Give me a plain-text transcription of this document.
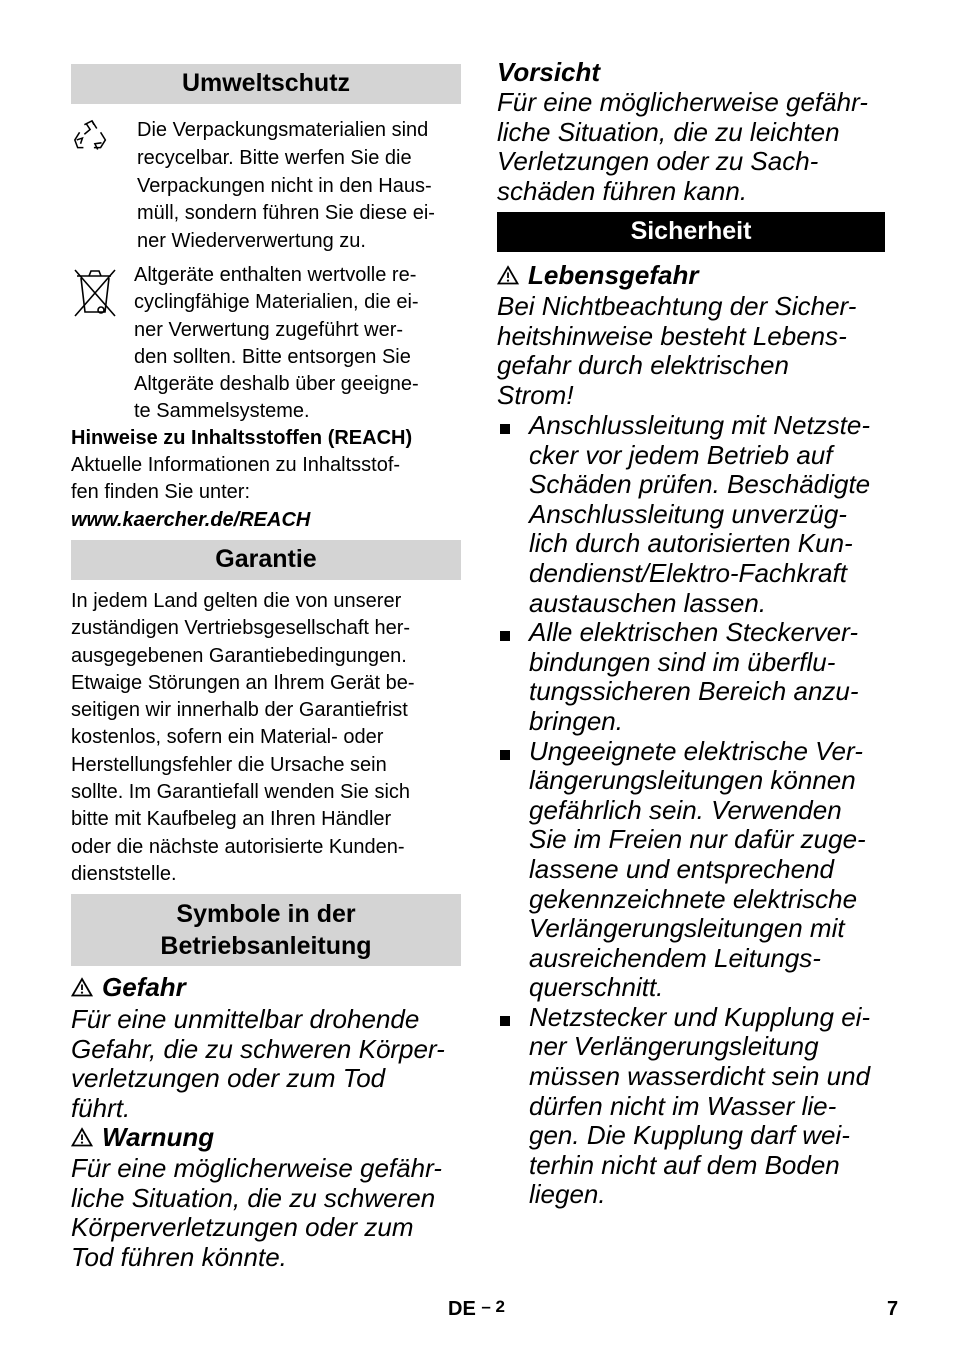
Umweltschutz
Die Verpackungsmaterialien sind
recycelbar. Bitte werfen Sie die
Verpackungen nicht in den Haus-
müll, sondern führen Sie diese ei-
ner Wiederverwertung zu.
Altgeräte enthalten wertvolle re-
cyclingfähige Materialien, die ei-
ner Verwertung zugeführt wer-
den sollten. Bitte entsorgen Sie
Altgeräte deshalb über geeigne-
te Sammelsysteme.
Hinweise zu Inhaltsstoffen (REACH)
Aktuelle Informationen zu Inhaltsstof-
fen finden Sie unter:
www.kaercher.de/REACH
Garantie
In jedem Land gelten die von unserer
zuständigen Vertriebsgesellschaft her-
ausgegebenen Garantiebedingungen.
Etwaige Störungen an Ihrem Gerät be-
seitigen wir innerhalb der Garantiefrist
kostenlos, sofern ein Material- oder
Herstellungsfehler die Ursache sein
sollte. Im Garantiefall wenden Sie sich
bitte mit Kaufbeleg an Ihren Händler
oder die nächste autorisierte Kunden-
dienststelle.
Symbole in der
Betriebsanleitung
Gefahr
Für eine unmittelbar drohende
Gefahr, die zu schweren Körper-
verletzungen oder zum Tod
führt.
Warnung
Für eine möglicherweise gefähr-
liche Situation, die zu schweren
Körperverletzungen oder zum
Tod führen könnte.
Vorsicht
Für eine möglicherweise gefähr-
liche Situation, die zu leichten
Verletzungen oder zu Sach-
schäden führen kann.
Sicherheit
Lebensgefahr
Bei Nichtbeachtung der Sicher-
heitshinweise besteht Lebens-
gefahr durch elektrischen
Strom!
Anschlussleitung mit Netzste-
cker vor jedem Betrieb auf
Schäden prüfen. Beschädigte
Anschlussleitung unverzüg-
lich durch autorisierten Kun-
dendienst/Elektro-Fachkraft
austauschen lassen.
Alle elektrischen Steckerver-
bindungen sind im überflu-
tungssicheren Bereich anzu-
bringen.
Ungeeignete elektrische Ver-
längerungsleitungen können
gefährlich sein. Verwenden
Sie im Freien nur dafür zuge-
lassene und entsprechend
gekennzeichnete elektrische
Verlängerungsleitungen mit
ausreichendem Leitungs-
querschnitt.
Netzstecker und Kupplung ei-
ner Verlängerungsleitung
müssen wasserdicht sein und
dürfen nicht im Wasser lie-
gen. Die Kupplung darf wei-
terhin nicht auf dem Boden
liegen.
DE – 2	7
